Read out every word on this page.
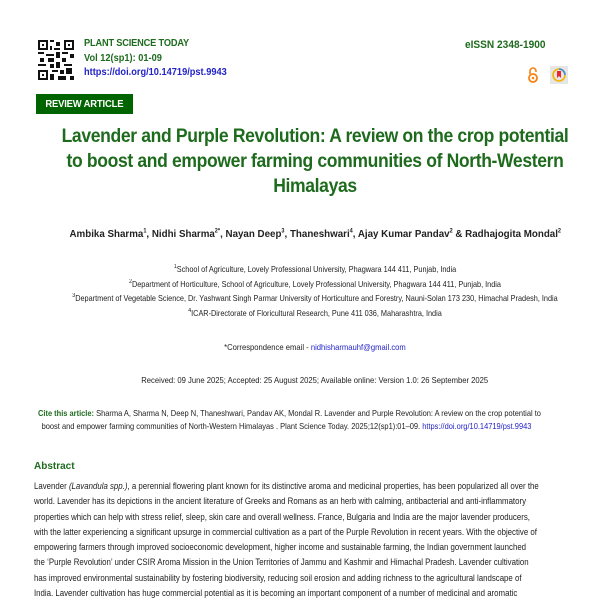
PLANT SCIENCE TODAY
Vol 12(sp1): 01-09
https://doi.org/10.14719/pst.9943
eISSN 2348-1900
REVIEW ARTICLE
Lavender and Purple Revolution: A review on the crop potential
to boost and empower farming communities of North-Western
Himalayas
Ambika Sharma$^1$, Nidhi Sharma$^{2*}$, Nayan Deep$^3$, Thaneshwari$^4$, Ajay Kumar Pandav$^2$ & Radhajogita Mondal$^2$
$^1$School of Agriculture, Lovely Professional University, Phagwara 144 411, Punjab, India
$^2$Department of Horticulture, School of Agriculture, Lovely Professional University, Phagwara 144 411, Punjab, India
$^3$Department of Vegetable Science, Dr. Yashwant Singh Parmar University of Horticulture and Forestry, Nauni-Solan 173 230, Himachal Pradesh, India
$^4$ICAR-Directorate of Floricultural Research, Pune 411 036, Maharashtra, India
*Correspondence email - nidhisharmauhf@gmail.com
Received: 09 June 2025; Accepted: 25 August 2025; Available online: Version 1.0: 26 September 2025
Cite this article: Sharma A, Sharma N, Deep N, Thaneshwari, Pandav AK, Mondal R. Lavender and Purple Revolution: A review on the crop potential to
boost and empower farming communities of North-Western Himalayas . Plant Science Today. 2025;12(sp1):01–09. https://doi.org/10.14719/pst.9943
Abstract
Lavender (Lavandula spp.), a perennial flowering plant known for its distinctive aroma and medicinal properties, has been popularized all over the
world. Lavender has its depictions in the ancient literature of Greeks and Romans as an herb with calming, antibacterial and anti-inflammatory
properties which can help with stress relief, sleep, skin care and overall wellness. France, Bulgaria and India are the major lavender producers,
with the latter experiencing a significant upsurge in commercial cultivation as a part of the Purple Revolution in recent years. With the objective of
empowering farmers through improved socioeconomic development, higher income and sustainable farming, the Indian government launched
the ‘Purple Revolution’ under CSIR Aroma Mission in the Union Territories of Jammu and Kashmir and Himachal Pradesh. Lavender cultivation
has improved environmental sustainability by fostering biodiversity, reducing soil erosion and adding richness to the agricultural landscape of
India. Lavender cultivation has huge commercial potential as it is becoming an important component of a number of medicinal and aromatic
